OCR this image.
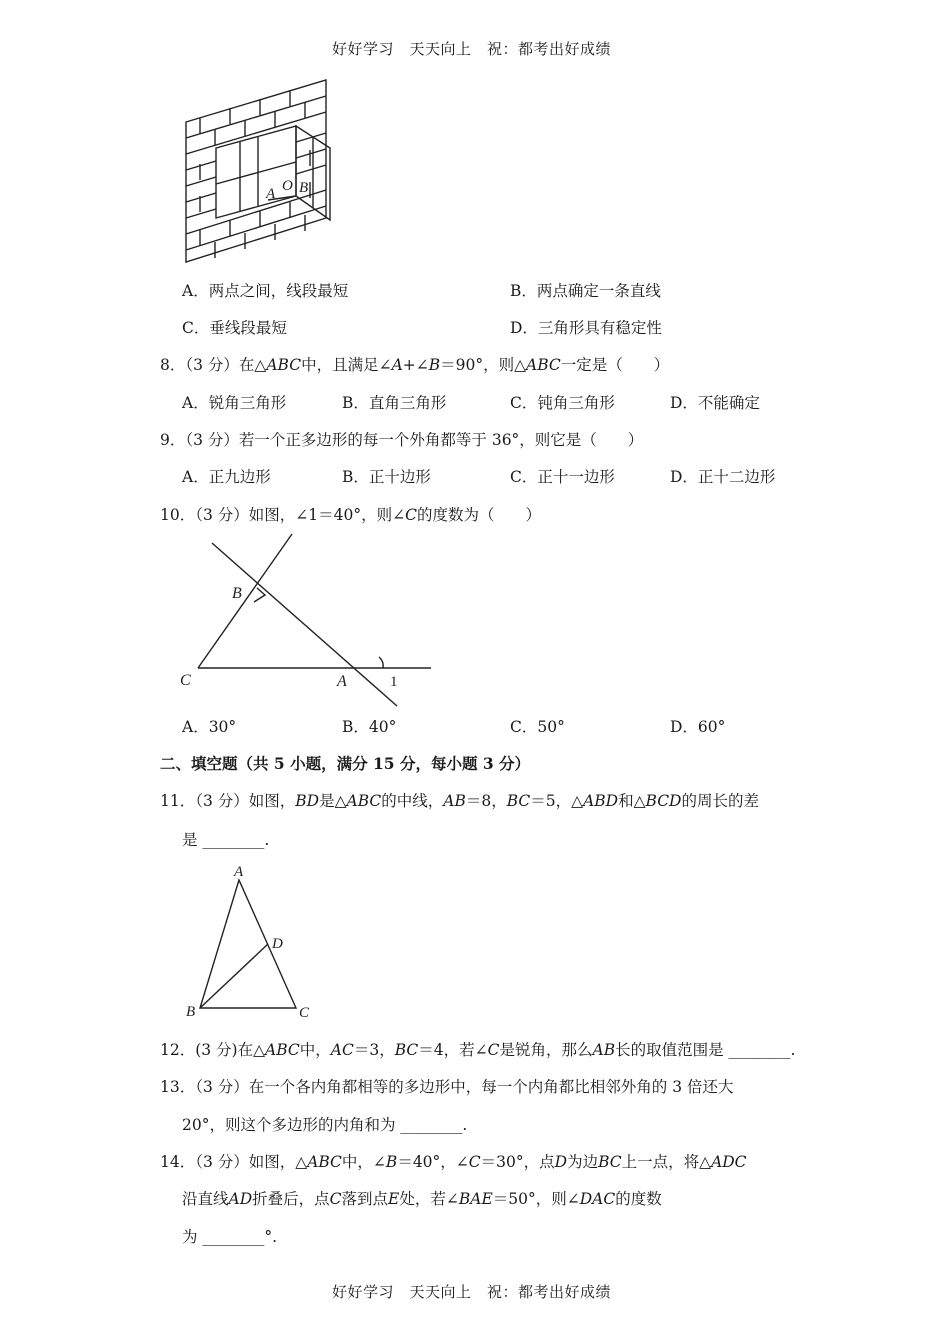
好好学习　天天向上　祝：都考出好成绩
A O B
A．两点之间，线段最短	B．两点确定一条直线
C．垂线段最短	D．三角形具有稳定性
8．（3 分）在△ABC中，且满足∠A+∠B＝90°，则△ABC一定是（　　）
A．锐角三角形	B．直角三角形	C．钝角三角形	D．不能确定
9．（3 分）若一个正多边形的每一个外角都等于 36°，则它是（　　）
A．正九边形	B．正十边形	C．正十一边形	D．正十二边形
10．（3 分）如图，∠1＝40°，则∠C的度数为（　　）
B
C	A	1
A．30°	B．40°	C．50°	D．60°
二、填空题（共 5 小题，满分 15 分，每小题 3 分）
11．（3 分）如图，BD是△ABC的中线，AB＝8，BC＝5，△ABD和△BCD的周长的差
是 ________.
A
D
B	C
12．(3 分)在△ABC中，AC＝3，BC＝4，若∠C是锐角，那么AB长的取值范围是 ________.
13．（3 分）在一个各内角都相等的多边形中，每一个内角都比相邻外角的 3 倍还大
20°，则这个多边形的内角和为 ________.
14．（3 分）如图，△ABC中，∠B＝40°，∠C＝30°，点D为边BC上一点，将△ADC
沿直线AD折叠后，点C落到点E处，若∠BAE＝50°，则∠DAC的度数
为 ________°.
好好学习　天天向上　祝：都考出好成绩
